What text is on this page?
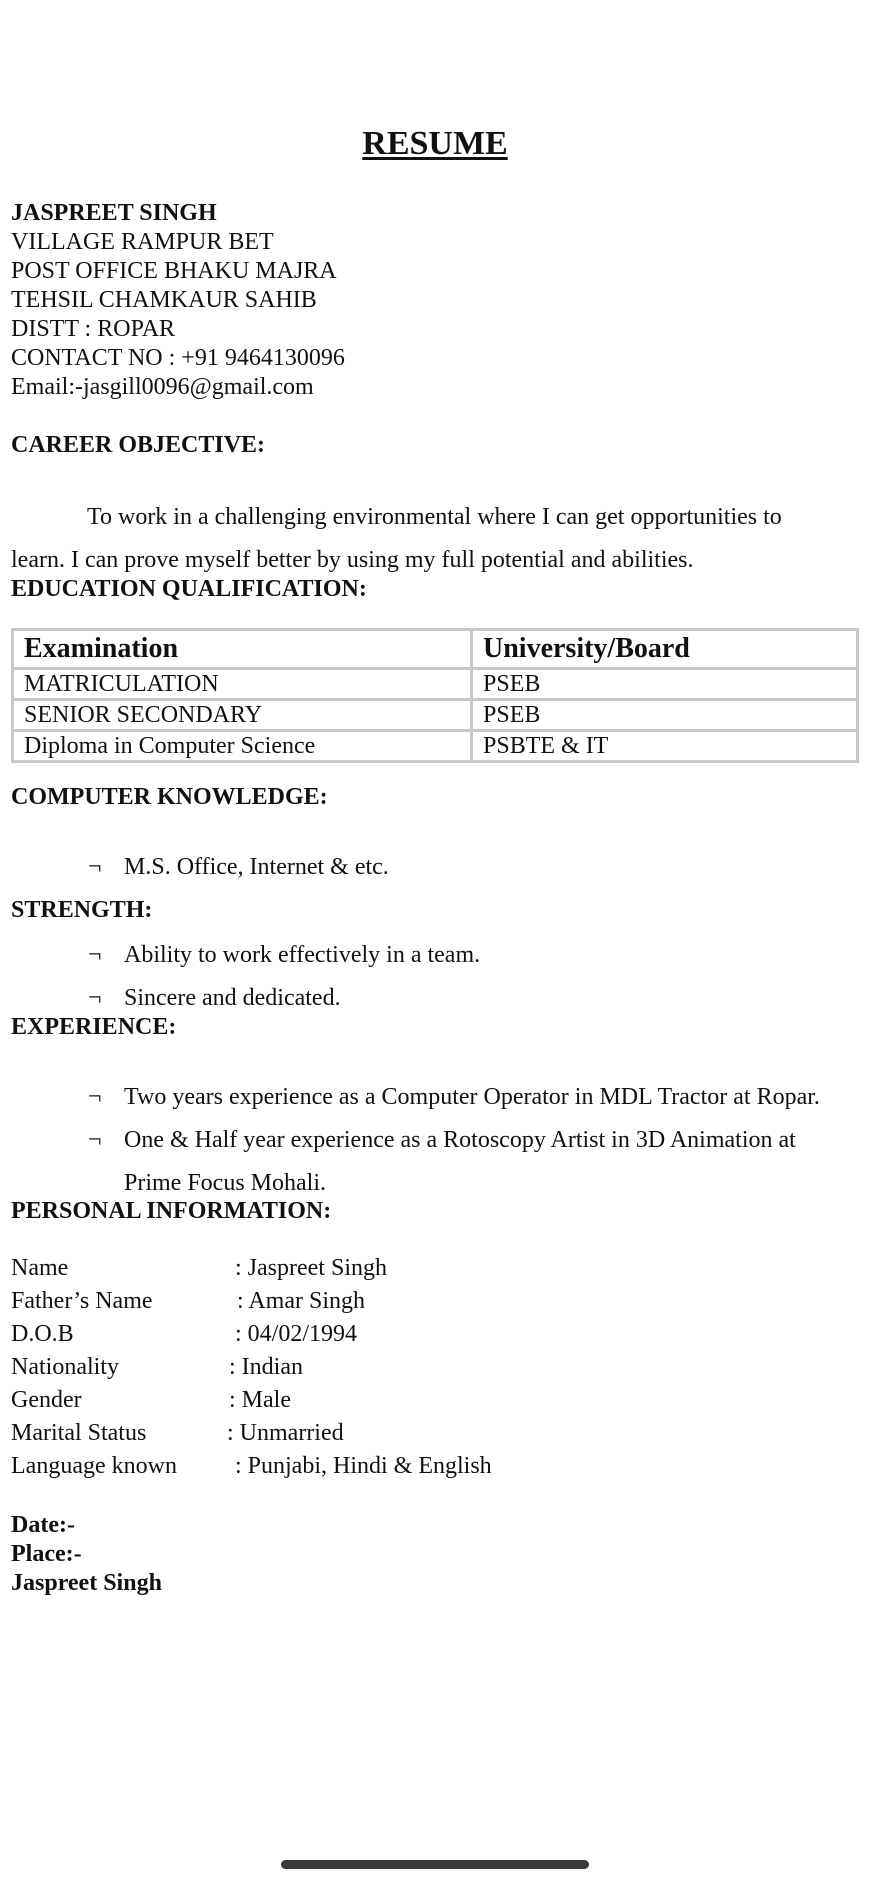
RESUME
JASPREET SINGH
VILLAGE RAMPUR BET
POST OFFICE BHAKU MAJRA
TEHSIL CHAMKAUR SAHIB
DISTT : ROPAR
CONTACT NO : +91 9464130096
Email:-jasgill0096@gmail.com
CAREER OBJECTIVE:
To work in a challenging environmental where I can get opportunities to
learn. I can prove myself better by using my full potential and abilities.
EDUCATION QUALIFICATION:
Examination	University/Board
MATRICULATION	PSEB
SENIOR SECONDARY	PSEB
Diploma in Computer Science	PSBTE & IT
COMPUTER KNOWLEDGE:
¬ M.S. Office, Internet & etc.
STRENGTH:
¬ Ability to work effectively in a team.
¬ Sincere and dedicated.
EXPERIENCE:
¬ Two years experience as a Computer Operator in MDL Tractor at Ropar.
¬ One & Half year experience as a Rotoscopy Artist in 3D Animation at
Prime Focus Mohali.
PERSONAL INFORMATION:
Name	: Jaspreet Singh
Father’s Name	: Amar Singh
D.O.B	: 04/02/1994
Nationality	: Indian
Gender	: Male
Marital Status	: Unmarried
Language known : Punjabi, Hindi & English
Date:-
Place:-
Jaspreet Singh
